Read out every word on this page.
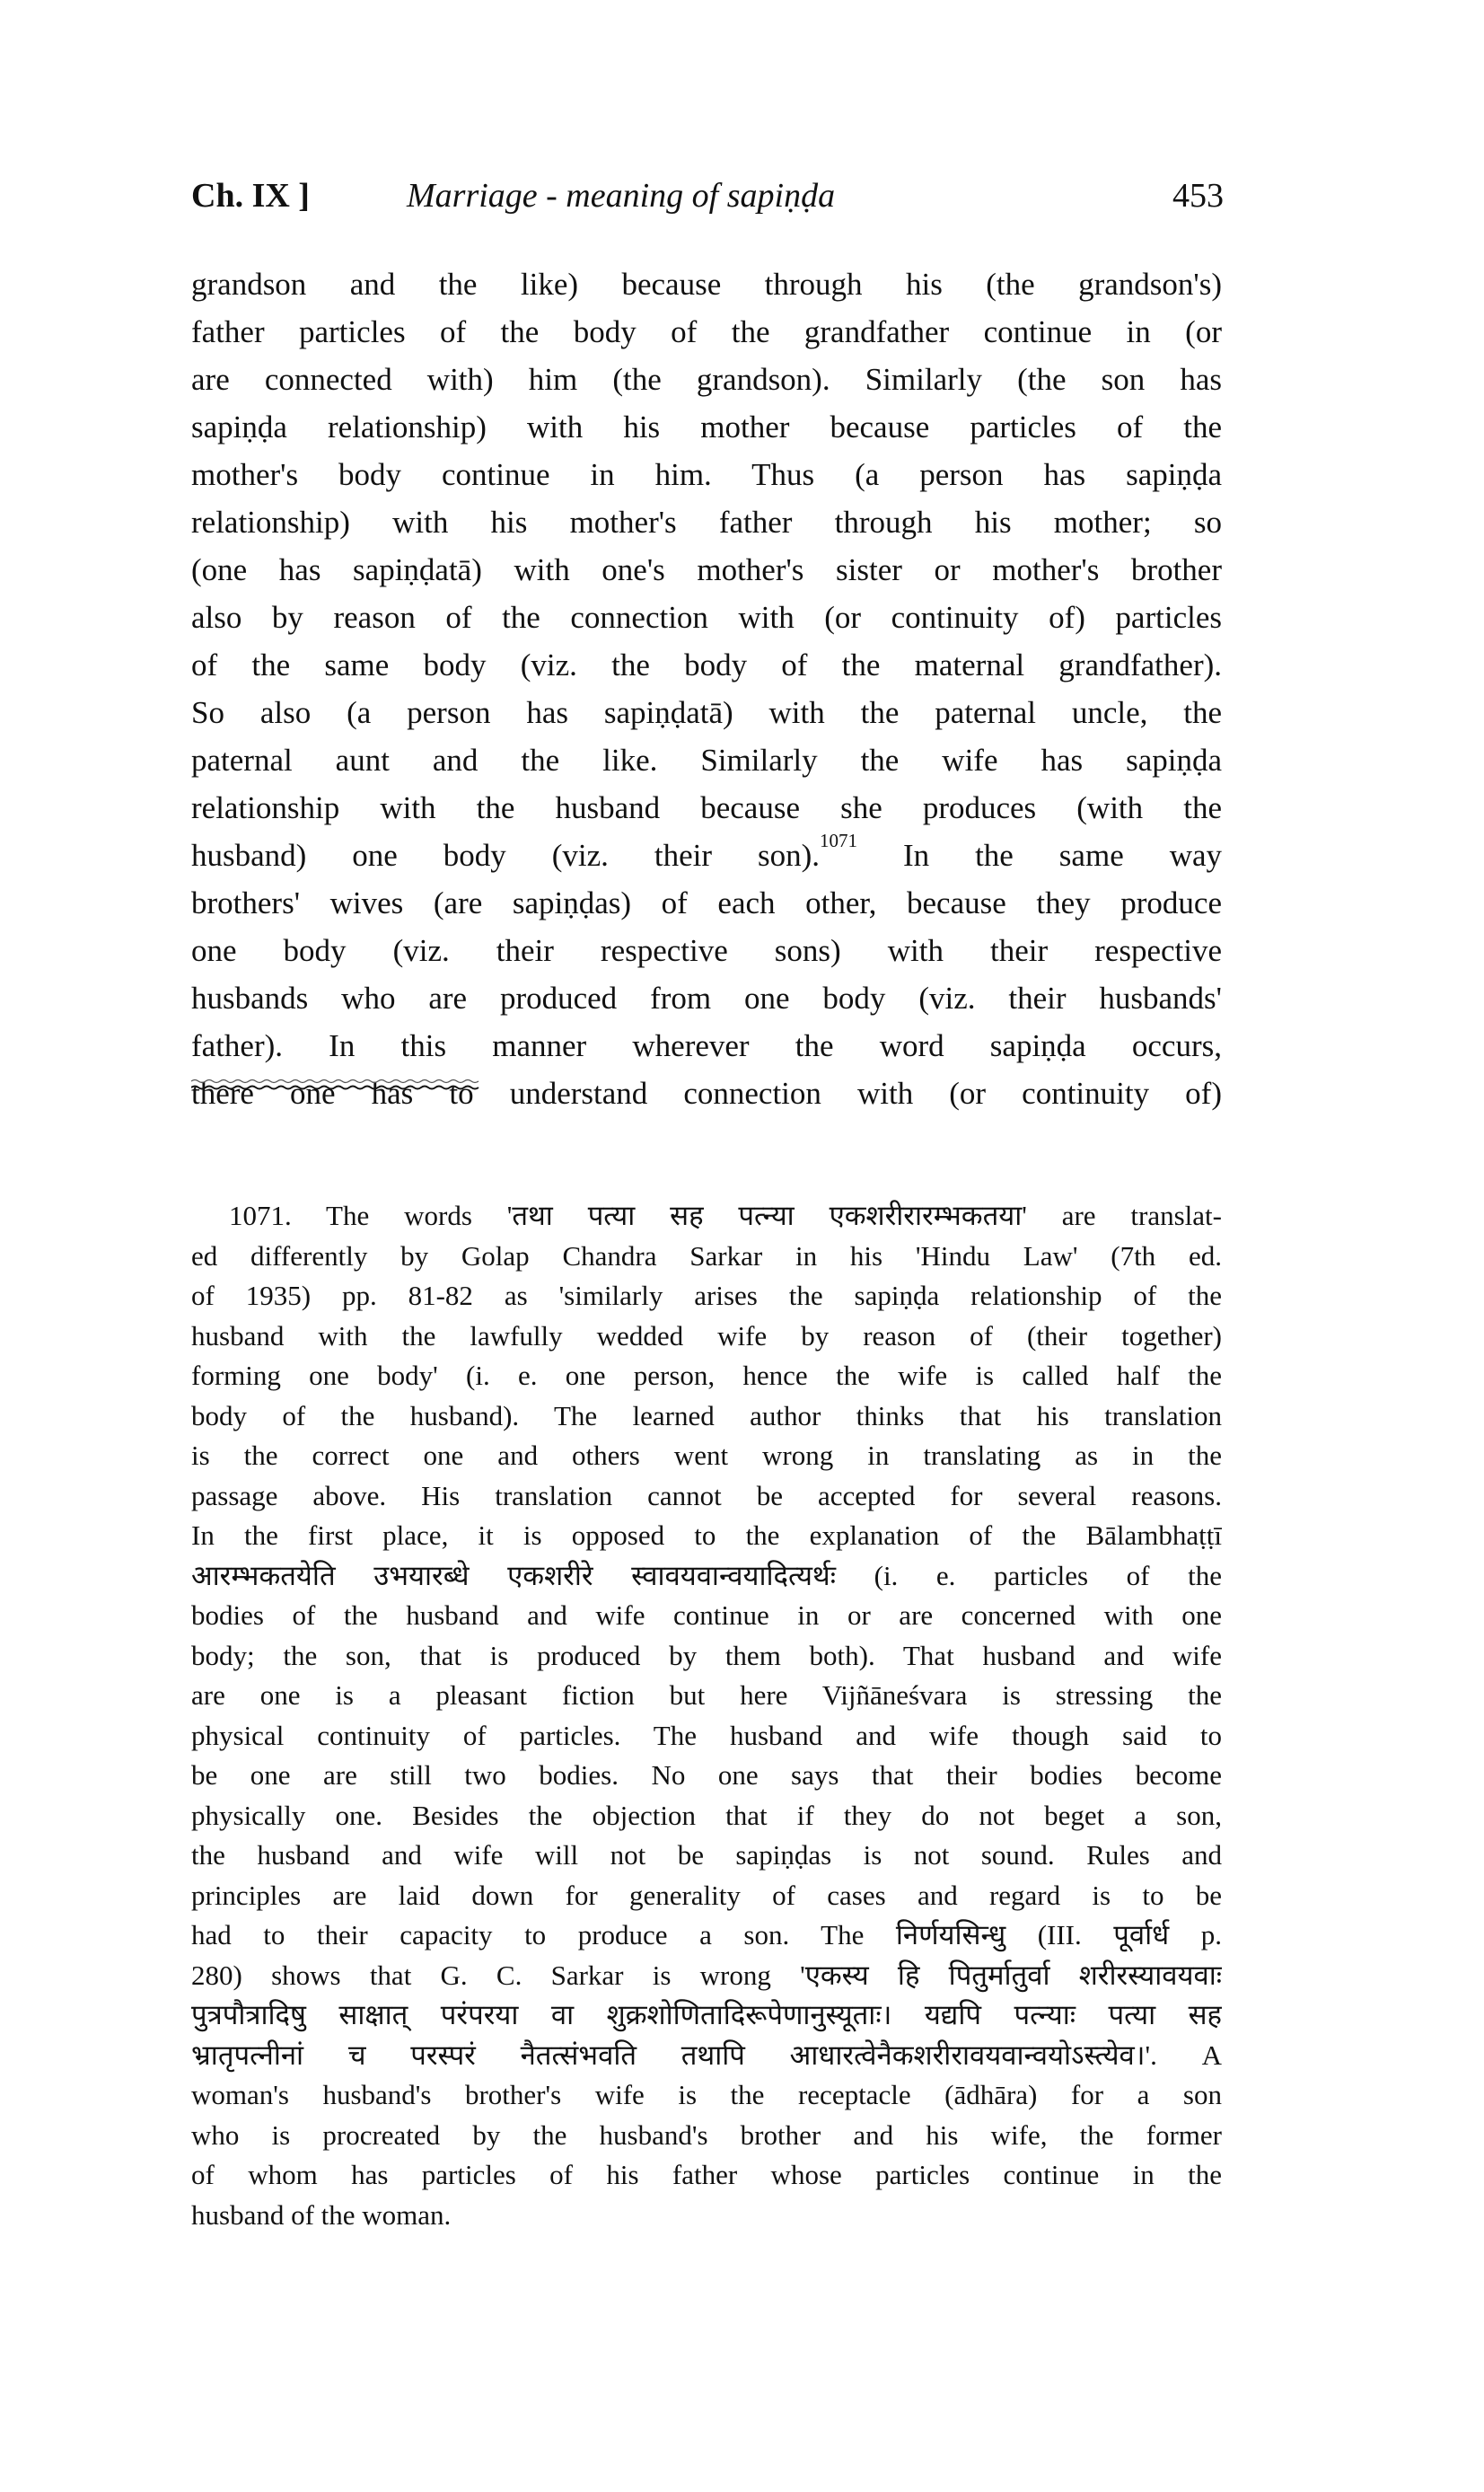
Ch. IX ]	Marriage - meaning of sapiṇḍa	453
grandson and the like) because through his (the grandson's)
father particles of the body of the grandfather continue in (or
are connected with) him (the grandson). Similarly (the son has
sapiṇḍa relationship) with his mother because particles of the
mother's body continue in him. Thus (a person has sapiṇḍa
relationship) with his mother's father through his mother; so
(one has sapiṇḍatā) with one's mother's sister or mother's brother
also by reason of the connection with (or continuity of) particles
of the same body (viz. the body of the maternal grandfather).
So also (a person has sapiṇḍatā) with the paternal uncle, the
paternal aunt and the like. Similarly the wife has sapiṇḍa
relationship with the husband because she produces (with the
husband) one body (viz. their son).$^{1071}$ In the same way
brothers' wives (are sapiṇḍas) of each other, because they produce
one body (viz. their respective sons) with their respective
husbands who are produced from one body (viz. their husbands'
father). In this manner wherever the word sapiṇḍa occurs,
there one has to understand connection with (or continuity of)
1071. The words 'तथा पत्या सह पत्न्या एकशरीरारम्भकतया' are translat-
ed differently by Golap Chandra Sarkar in his 'Hindu Law' (7th ed.
of 1935) pp. 81-82 as 'similarly arises the sapiṇḍa relationship of the
husband with the lawfully wedded wife by reason of (their together)
forming one body' (i. e. one person, hence the wife is called half the
body of the husband). The learned author thinks that his translation
is the correct one and others went wrong in translating as in the
passage above. His translation cannot be accepted for several reasons.
In the first place, it is opposed to the explanation of the Bālambhaṭṭī
आरम्भकतयेति उभयारब्धे एकशरीरे स्वावयवान्वयादित्यर्थः (i. e. particles of the
bodies of the husband and wife continue in or are concerned with one
body; the son, that is produced by them both). That husband and wife
are one is a pleasant fiction but here Vijñāneśvara is stressing the
physical continuity of particles. The husband and wife though said to
be one are still two bodies. No one says that their bodies become
physically one. Besides the objection that if they do not beget a son,
the husband and wife will not be sapiṇḍas is not sound. Rules and
principles are laid down for generality of cases and regard is to be
had to their capacity to produce a son. The निर्णयसिन्धु (III. पूर्वार्ध p.
280) shows that G. C. Sarkar is wrong 'एकस्य हि पितुर्मातुर्वा शरीरस्यावयवाः
पुत्रपौत्रादिषु साक्षात् परंपरया वा शुक्रशोणितादिरूपेणानुस्यूताः। यद्यपि पत्न्याः पत्या सह
भ्रातृपत्नीनां च परस्परं नैतत्संभवति तथापि आधारत्वेनैकशरीरावयवान्वयोऽस्त्येव।'. A
woman's husband's brother's wife is the receptacle (ādhāra) for a son
who is procreated by the husband's brother and his wife, the former
of whom has particles of his father whose particles continue in the
husband of the woman.
